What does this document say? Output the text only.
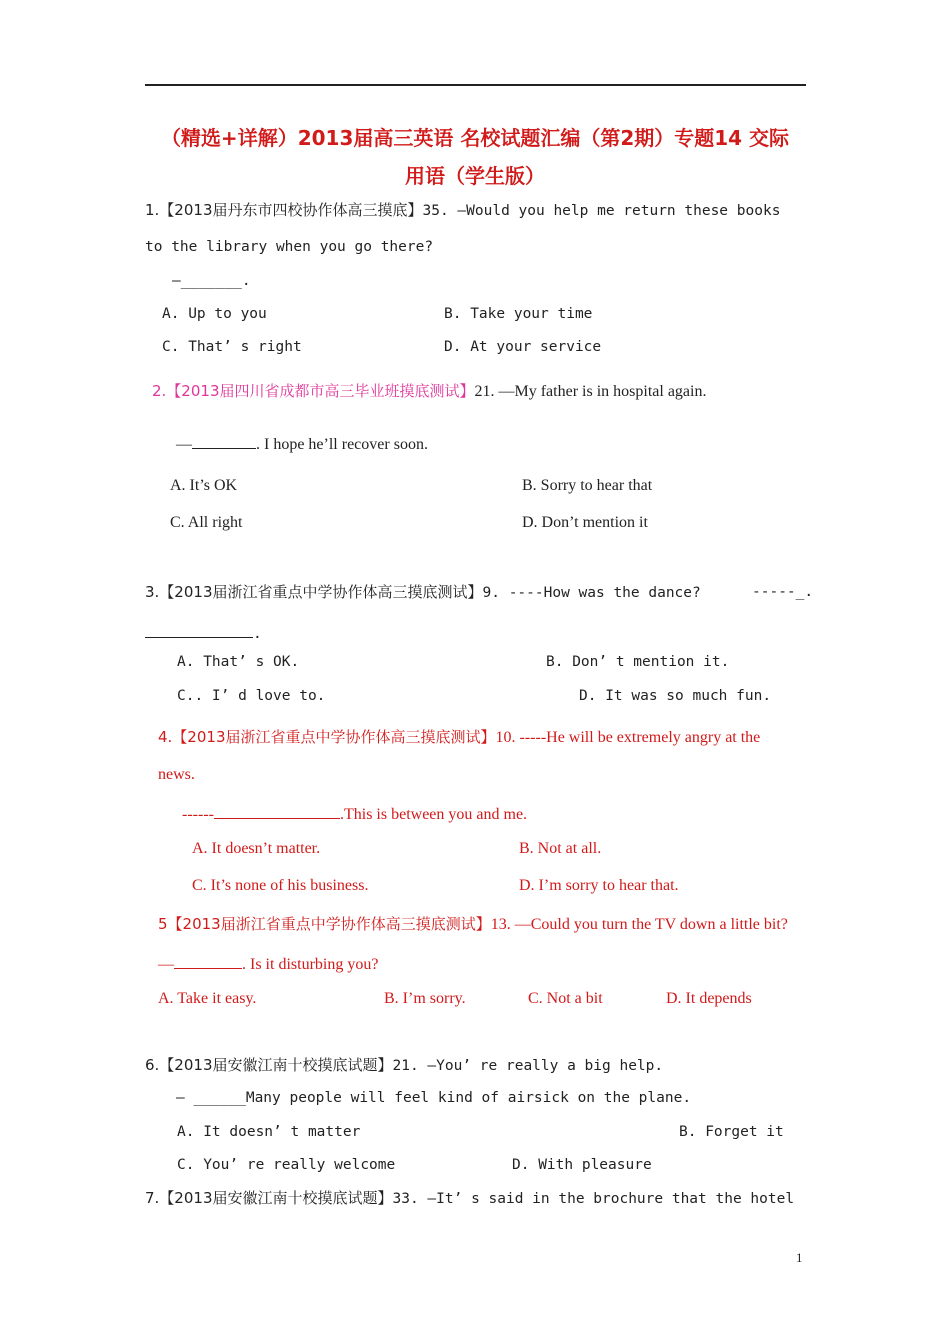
（精选+详解）2013届高三英语 名校试题汇编（第2期）专题14 交际
用语（学生版）
1.【2013届丹东市四校协作体高三摸底】35. —Would you help me return these books
to the library when you go there?
—_______.
A. Up to you	B. Take your time
C. That’ s right	D. At your service
2.【2013届四川省成都市高三毕业班摸底测试】21. —My father is in hospital again.
—	. I hope he’ll recover soon.
A. It’s OK	B. Sorry to hear that
C. All right	D. Don’t mention it
3.【2013届浙江省重点中学协作体高三摸底测试】9. ----How was the dance?	-----_.
.
A. That’ s OK.	B. Don’ t mention it.
C.. I’ d love to.	D. It was so much fun.
4.【2013届浙江省重点中学协作体高三摸底测试】10. -----He will be extremely angry at the
news.
------	.This is between you and me.
A. It doesn’t matter.	B. Not at all.
C. It’s none of his business.	D. I’m sorry to hear that.
5【2013届浙江省重点中学协作体高三摸底测试】13. —Could you turn the TV down a little bit?
—	. Is it disturbing you?
A. Take it easy.	B. I’m sorry.	C. Not a bit	D. It depends
6.【2013届安徽江南十校摸底试题】21. —You’ re really a big help.
— ______Many people will feel kind of airsick on the plane.
A. It doesn’ t matter	B. Forget it
C. You’ re really welcome	D. With pleasure
7.【2013届安徽江南十校摸底试题】33. —It’ s said in the brochure that the hotel
1
